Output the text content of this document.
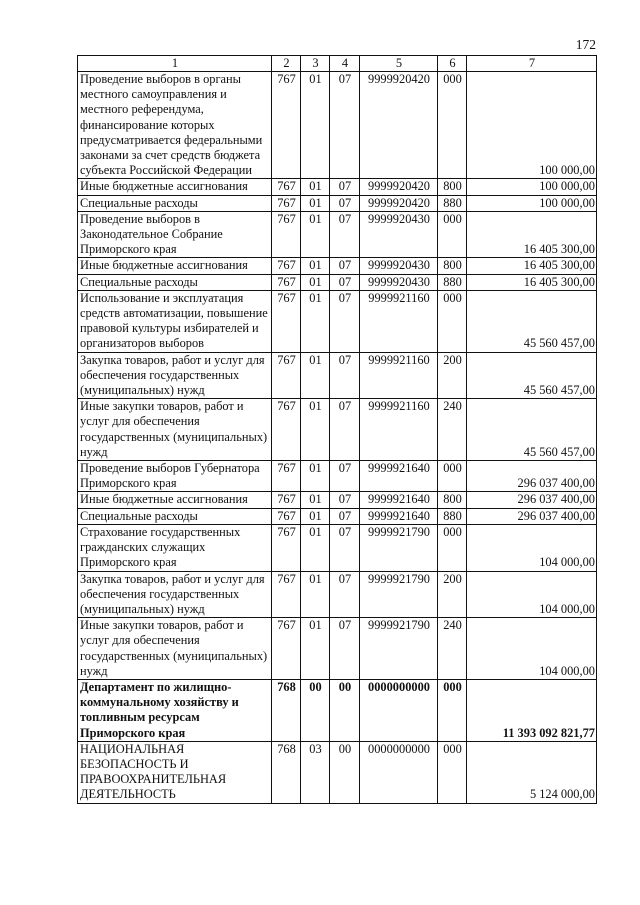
172
1	2	3	4	5	6	7
Проведение выборов в органы местного самоуправления и местного референдума, финансирование которых предусматривается федеральными законами за счет средств бюджета субъекта Российской Федерации	767	01	07	9999920420	000	100 000,00
Иные бюджетные ассигнования	767	01	07	9999920420	800	100 000,00
Специальные расходы	767	01	07	9999920420	880	100 000,00
Проведение выборов в Законодательное Собрание Приморского края	767	01	07	9999920430	000	16 405 300,00
Иные бюджетные ассигнования	767	01	07	9999920430	800	16 405 300,00
Специальные расходы	767	01	07	9999920430	880	16 405 300,00
Использование и эксплуатация средств автоматизации, повышение правовой культуры избирателей и организаторов выборов	767	01	07	9999921160	000	45 560 457,00
Закупка товаров, работ и услуг для обеспечения государственных (муниципальных) нужд	767	01	07	9999921160	200	45 560 457,00
Иные закупки товаров, работ и услуг для обеспечения государственных (муниципальных) нужд	767	01	07	9999921160	240	45 560 457,00
Проведение выборов Губернатора Приморского края	767	01	07	9999921640	000	296 037 400,00
Иные бюджетные ассигнования	767	01	07	9999921640	800	296 037 400,00
Специальные расходы	767	01	07	9999921640	880	296 037 400,00
Страхование государственных гражданских служащих Приморского края	767	01	07	9999921790	000	104 000,00
Закупка товаров, работ и услуг для обеспечения государственных (муниципальных) нужд	767	01	07	9999921790	200	104 000,00
Иные закупки товаров, работ и услуг для обеспечения государственных (муниципальных) нужд	767	01	07	9999921790	240	104 000,00
Департамент по жилищно-коммунальному хозяйству и топливным ресурсам Приморского края	768	00	00	0000000000	000	11 393 092 821,77
НАЦИОНАЛЬНАЯ БЕЗОПАСНОСТЬ И ПРАВООХРАНИТЕЛЬНАЯ ДЕЯТЕЛЬНОСТЬ	768	03	00	0000000000	000	5 124 000,00
